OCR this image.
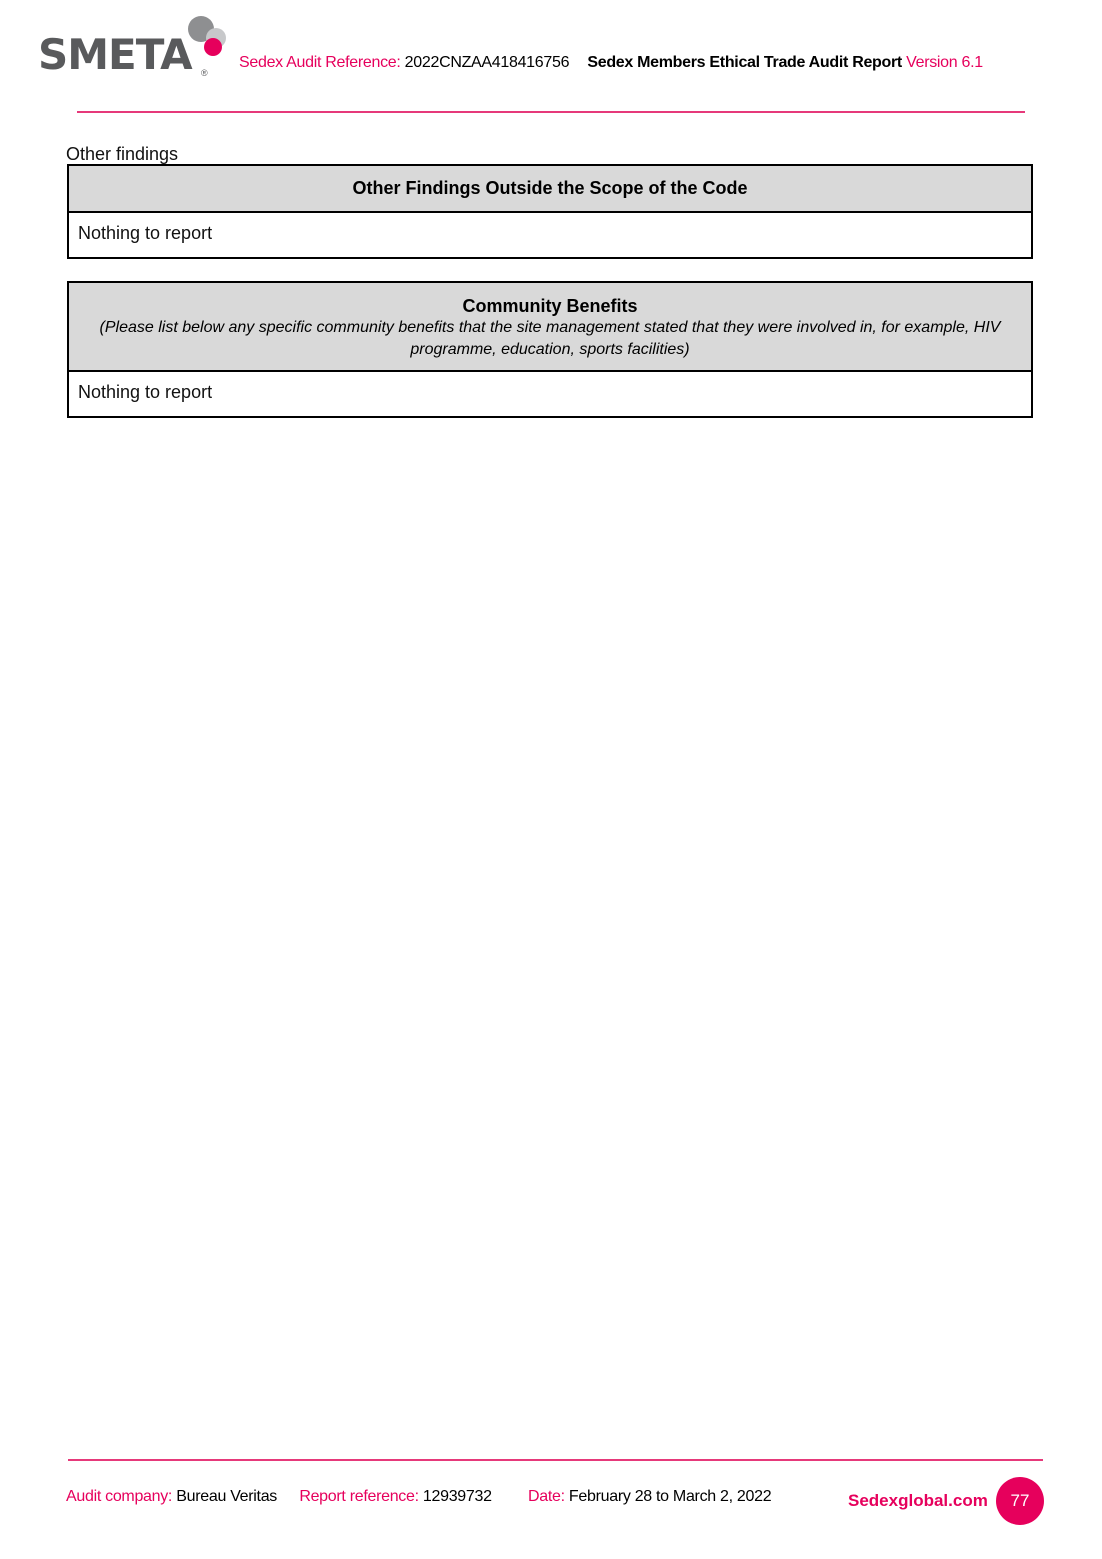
SMETA ®
Sedex Audit Reference: 2022CNZAA418416756 Sedex Members Ethical Trade Audit Report Version 6.1
Other findings
Other Findings Outside the Scope of the Code
Nothing to report
Community Benefits
(Please list below any specific community benefits that the site management stated that they were involved in, for example, HIV programme, education, sports facilities)
Nothing to report
Audit company: Bureau Veritas Report reference: 12939732 Date: February 28 to March 2, 2022	Sedexglobal.com	77
